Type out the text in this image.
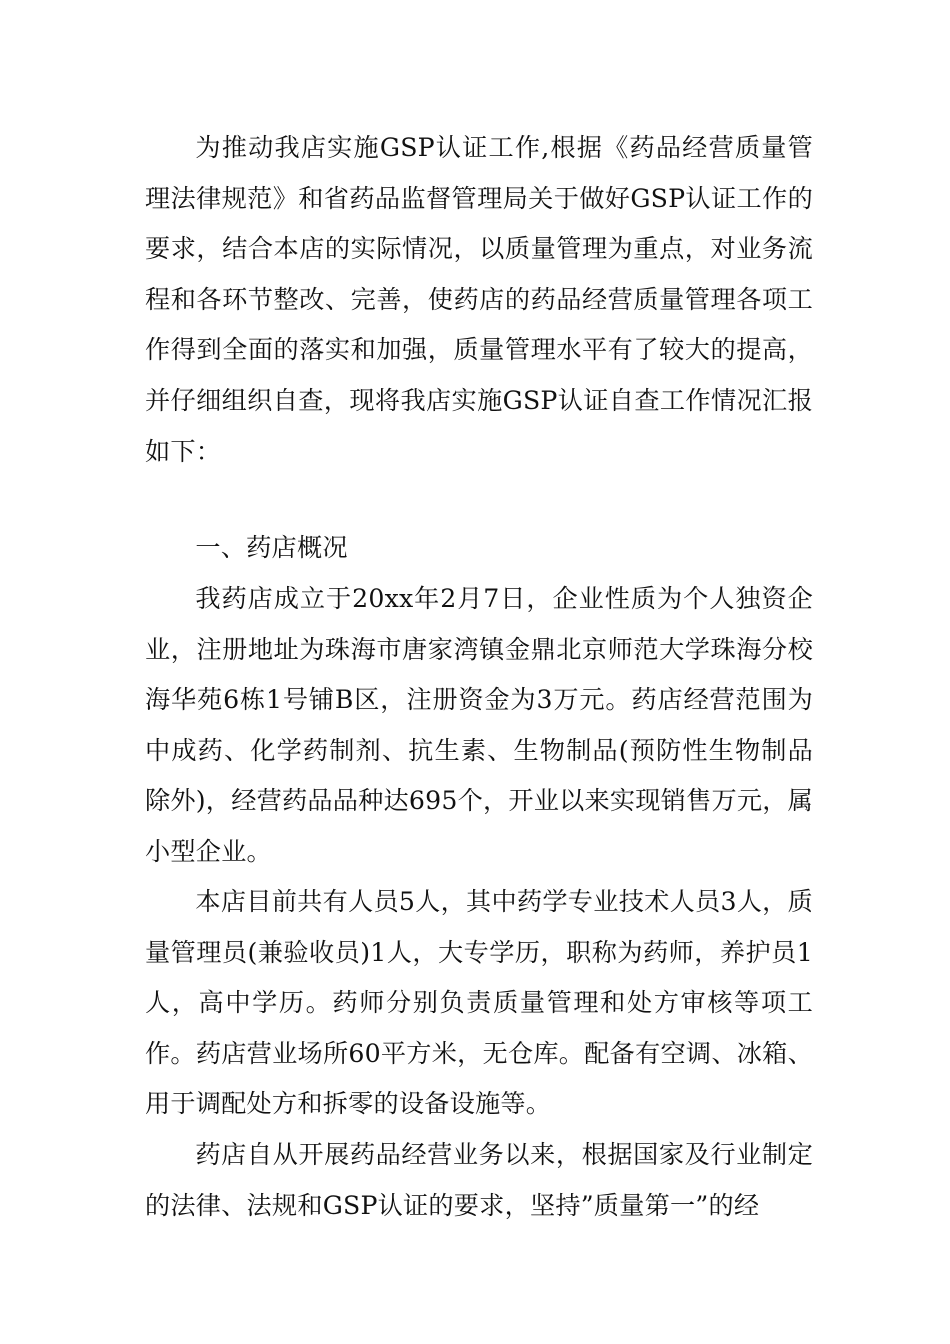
为推动我店实施GSP认证工作,根据《药品经营质量管理法律规范》和省药品监督管理局关于做好GSP认证工作的要求，结合本店的实际情况，以质量管理为重点，对业务流程和各环节整改、完善，使药店的药品经营质量管理各项工作得到全面的落实和加强，质量管理水平有了较大的提高，并仔细组织自查，现将我店实施GSP认证自查工作情况汇报如下：

一、药店概况

我药店成立于20xx年2月7日，企业性质为个人独资企业，注册地址为珠海市唐家湾镇金鼎北京师范大学珠海分校海华苑6栋1号铺B区，注册资金为3万元。药店经营范围为中成药、化学药制剂、抗生素、生物制品(预防性生物制品除外)，经营药品品种达695个，开业以来实现销售万元，属小型企业。

本店目前共有人员5人，其中药学专业技术人员3人，质量管理员(兼验收员)1人，大专学历，职称为药师，养护员1人，高中学历。药师分别负责质量管理和处方审核等项工作。药店营业场所60平方米，无仓库。配备有空调、冰箱、用于调配处方和拆零的设备设施等。

药店自从开展药品经营业务以来，根据国家及行业制定的法律、法规和GSP认证的要求，坚持”质量第一”的经
